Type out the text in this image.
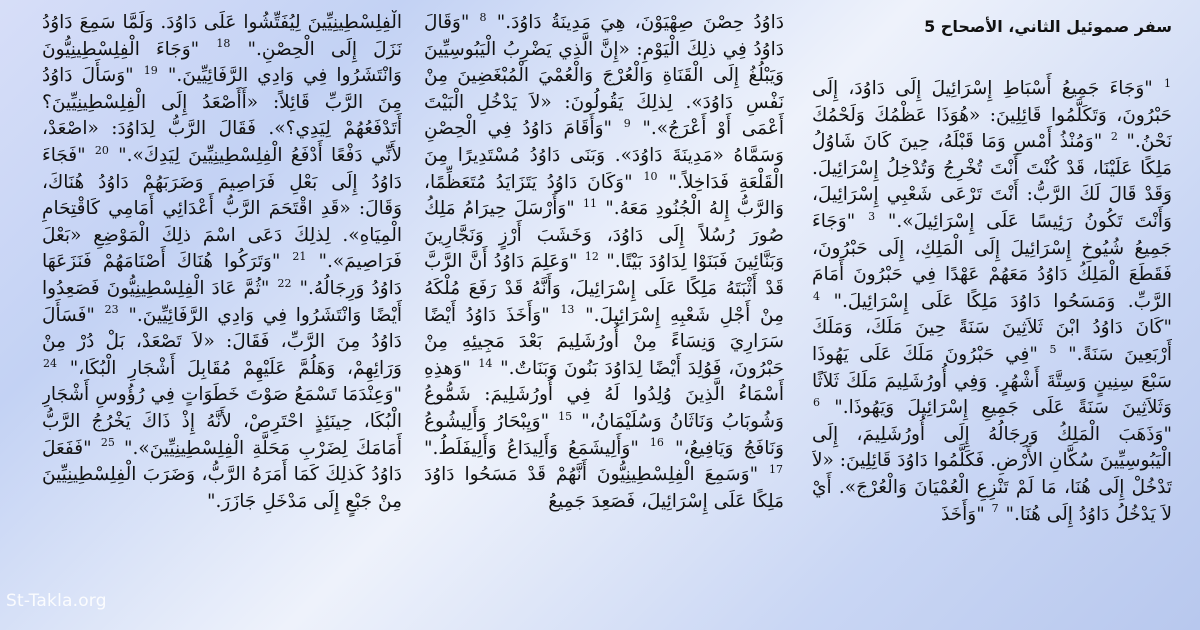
سفر صموئيل الثاني، الأصحاح 5
$^1$ "وَجَاءَ جَمِيعُ أَسْبَاطِ إِسْرَائِيلَ إِلَى دَاوُدَ، إِلَى حَبْرُونَ، وَتَكَلَّمُوا قَائِلِينَ: «هُوَذَا عَظْمُكَ وَلَحْمُكَ نَحْنُ." $^2$ "وَمُنْذُ أَمْسِ وَمَا قَبْلَهُ، حِينَ كَانَ شَاوُلُ مَلِكًا عَلَيْنَا، قَدْ كُنْتَ أَنْتَ تُخْرِجُ وَتُدْخِلُ إِسْرَائِيلَ. وَقَدْ قَالَ لَكَ الرَّبُّ: أَنْتَ تَرْعَى شَعْبِي إِسْرَائِيلَ، وَأَنْتَ تَكُونُ رَئِيسًا عَلَى إِسْرَائِيلَ»." $^3$ "وَجَاءَ جَمِيعُ شُيُوخِ إِسْرَائِيلَ إِلَى الْمَلِكِ، إِلَى حَبْرُونَ، فَقَطَعَ الْمَلِكُ دَاوُدُ مَعَهُمْ عَهْدًا فِي حَبْرُونَ أَمَامَ الرَّبِّ. وَمَسَحُوا دَاوُدَ مَلِكًا عَلَى إِسْرَائِيلَ." $^4$ "كَانَ دَاوُدُ ابْنَ ثَلاَثِينَ سَنَةً حِينَ مَلَكَ، وَمَلَكَ أَرْبَعِينَ سَنَةً." $^5$ "فِي حَبْرُونَ مَلَكَ عَلَى يَهُوذَا سَبْعَ سِنِينٍ وَسِتَّةَ أَشْهُرٍ. وَفِي أُورُشَلِيمَ مَلَكَ ثَلاَثًا وَثَلاَثِينَ سَنَةً عَلَى جَمِيعِ إِسْرَائِيلَ وَيَهُوذَا." $^6$ "وَذَهَبَ الْمَلِكُ وَرِجَالُهُ إِلَى أُورُشَلِيمَ، إِلَى الْيَبُوسِيِّينَ سُكَّانِ الأَرْضِ. فَكَلَّمُوا دَاوُدَ قَائِلِينَ: «لاَ تَدْخُلْ إِلَى هُنَا، مَا لَمْ تَنْزِعِ الْعُمْيَانَ وَالْعُرْجَ». أَيْ لاَ يَدْخُلُ دَاوُدُ إِلَى هُنَا." $^7$ "وَأَخَذَ
دَاوُدُ حِصْنَ صِهْيَوْنَ، هِيَ مَدِينَةُ دَاوُدَ." $^8$ "وَقَالَ دَاوُدُ فِي ذلِكَ الْيَوْمِ: «إِنَّ الَّذِي يَضْرِبُ الْيَبُوسِيِّينَ وَيَبْلُغُ إِلَى الْقَنَاةِ وَالْعُرْجَ وَالْعُمْيَ الْمُبْغَضِينَ مِنْ نَفْسِ دَاوُدَ». لِذلِكَ يَقُولُونَ: «لاَ يَدْخُلِ الْبَيْتَ أَعْمَى أَوْ أَعْرَجُ»." $^9$ "وَأَقَامَ دَاوُدُ فِي الْحِصْنِ وَسَمَّاهُ «مَدِينَةَ دَاوُدَ». وَبَنَى دَاوُدُ مُسْتَدِيرًا مِنَ الْقَلْعَةِ فَدَاخِلاً." $^{10}$ "وَكَانَ دَاوُدُ يَتَزَايَدُ مُتَعَظِّمًا، وَالرَّبُّ إِلهُ الْجُنُودِ مَعَهُ." $^{11}$ "وَأَرْسَلَ حِيرَامُ مَلِكُ صُورَ رُسُلاً إِلَى دَاوُدَ، وَخَشَبَ أَرْزٍ وَنَجَّارِينَ وَبَنَّائِينَ فَبَنَوْا لِدَاوُدَ بَيْتًا." $^{12}$ "وَعَلِمَ دَاوُدُ أَنَّ الرَّبَّ قَدْ أَثْبَتَهُ مَلِكًا عَلَى إِسْرَائِيلَ، وَأَنَّهُ قَدْ رَفَعَ مُلْكَهُ مِنْ أَجْلِ شَعْبِهِ إِسْرَائِيلَ." $^{13}$ "وَأَخَذَ دَاوُدُ أَيْضًا سَرَارِيَ وَنِسَاءً مِنْ أُورُشَلِيمَ بَعْدَ مَجِيئِهِ مِنْ حَبْرُونَ، فَوُلِدَ أَيْضًا لِدَاوُدَ بَنُونَ وَبَنَاتٌ." $^{14}$ "وَهذِهِ أَسْمَاءُ الَّذِينَ وُلِدُوا لَهُ فِي أُورُشَلِيمَ: شَمُّوعُ وَشُوبَابُ وَنَاثَانُ وَسُلَيْمَانُ،" $^{15}$ "وَيِبْحَارُ وَأَلِيشُوعُ وَنَافَجُ وَيَافِيعُ،" $^{16}$ "وَأَلِيشَمَعُ وَأَلِيدَاعُ وَأَلِيفَلَطُ." $^{17}$ "وَسَمِعَ الْفِلِسْطِينِيُّونَ أَنَّهُمْ قَدْ مَسَحُوا دَاوُدَ مَلِكًا عَلَى إِسْرَائِيلَ، فَصَعِدَ جَمِيعُ
الْفِلِسْطِينِيِّينَ لِيُفَتِّشُوا عَلَى دَاوُدَ. وَلَمَّا سَمِعَ دَاوُدُ نَزَلَ إِلَى الْحِصْنِ." $^{18}$ "وَجَاءَ الْفِلِسْطِينِيُّونَ وَانْتَشَرُوا فِي وَادِي الرَّفَائِيِّينَ." $^{19}$ "وَسَأَلَ دَاوُدُ مِنَ الرَّبِّ قَائِلاً: «أَأَصْعَدُ إِلَى الْفِلِسْطِينِيِّينَ؟ أَتَدْفَعُهُمْ لِيَدِي؟». فَقَالَ الرَّبُّ لِدَاوُدَ: «اصْعَدْ، لأَنِّي دَفْعًا أَدْفَعُ الْفِلِسْطِينِيِّينَ لِيَدِكَ»." $^{20}$ "فَجَاءَ دَاوُدُ إِلَى بَعْلِ فَرَاصِيمَ وَضَرَبَهُمْ دَاوُدُ هُنَاكَ، وَقَالَ: «قَدِ اقْتَحَمَ الرَّبُّ أَعْدَائِي أَمَامِي كَاقْتِحَامِ الْمِيَاهِ». لِذلِكَ دَعَى اسْمَ ذلِكَ الْمَوْضِعِ «بَعْلَ فَرَاصِيمَ»." $^{21}$ "وَتَرَكُوا هُنَاكَ أَصْنَامَهُمْ فَنَزَعَهَا دَاوُدُ وَرِجَالُهُ." $^{22}$ "ثُمَّ عَادَ الْفِلِسْطِينِيُّونَ فَصَعِدُوا أَيْضًا وَانْتَشَرُوا فِي وَادِي الرَّفَائِيِّينَ." $^{23}$ "فَسَأَلَ دَاوُدُ مِنَ الرَّبِّ، فَقَالَ: «لاَ تَصْعَدْ، بَلْ دُرْ مِنْ وَرَائِهِمْ، وَهَلُمَّ عَلَيْهِمْ مُقَابِلَ أَشْجَارِ الْبُكَا،" $^{24}$ "وَعِنْدَمَا تَسْمَعُ صَوْتَ خَطَوَاتٍ فِي رُؤُوسِ أَشْجَارِ الْبُكَا، حِينَئِذٍ احْتَرِصْ، لأَنَّهُ إِذْ ذَاكَ يَخْرُجُ الرَّبُّ أَمَامَكَ لِضَرْبِ مَحَلَّةِ الْفِلِسْطِينِيِّينَ»." $^{25}$ "فَفَعَلَ دَاوُدُ كَذلِكَ كَمَا أَمَرَهُ الرَّبُّ، وَضَرَبَ الْفِلِسْطِينِيِّينَ مِنْ جَبْعٍ إِلَى مَدْخَلِ جَازَرَ."
St-Takla.org
